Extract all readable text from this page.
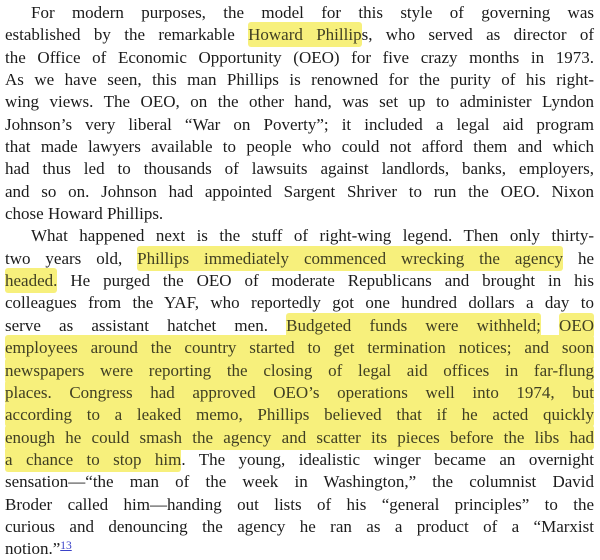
For modern purposes, the model for this style of governing was
established by the remarkable Howard Phillips, who served as director of
the Office of Economic Opportunity (OEO) for five crazy months in 1973.
As we have seen, this man Phillips is renowned for the purity of his right-
wing views. The OEO, on the other hand, was set up to administer Lyndon
Johnson’s very liberal “War on Poverty”; it included a legal aid program
that made lawyers available to people who could not afford them and which
had thus led to thousands of lawsuits against landlords, banks, employers,
and so on. Johnson had appointed Sargent Shriver to run the OEO. Nixon
chose Howard Phillips.
What happened next is the stuff of right-wing legend. Then only thirty-
two years old, Phillips immediately commenced wrecking the agency he
headed. He purged the OEO of moderate Republicans and brought in his
colleagues from the YAF, who reportedly got one hundred dollars a day to
serve as assistant hatchet men. Budgeted funds were withheld; OEO
employees around the country started to get termination notices; and soon
newspapers were reporting the closing of legal aid offices in far-flung
places. Congress had approved OEO’s operations well into 1974, but
according to a leaked memo, Phillips believed that if he acted quickly
enough he could smash the agency and scatter its pieces before the libs had
a chance to stop him. The young, idealistic winger became an overnight
sensation—“the man of the week in Washington,” the columnist David
Broder called him—handing out lists of his “general principles” to the
curious and denouncing the agency he ran as a product of a “Marxist
notion.”$^{13}$
